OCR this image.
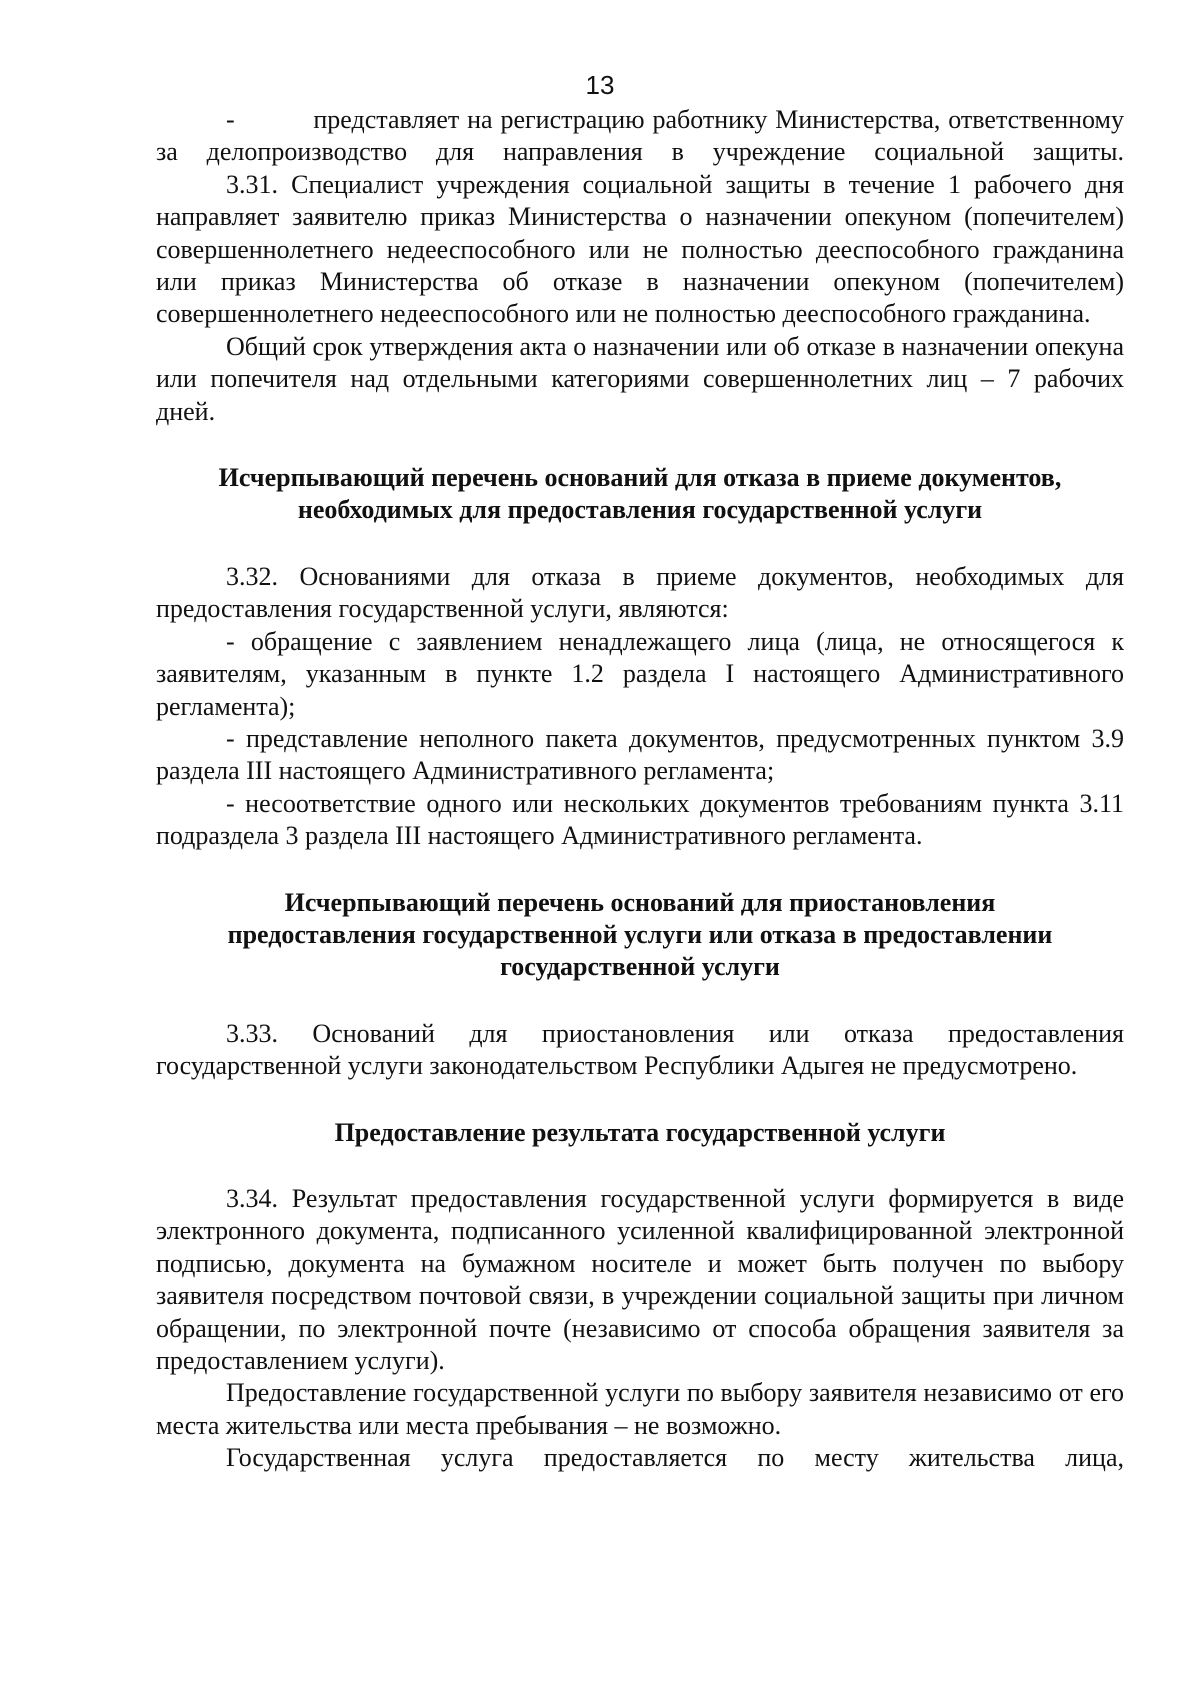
13

-          представляет на регистрацию работнику Министерства, ответственному за делопроизводство для направления в учреждение социальной защиты.

3.31. Специалист учреждения социальной защиты в течение 1 рабочего дня направляет заявителю приказ Министерства о назначении опекуном (попечителем) совершеннолетнего недееспособного или не полностью дееспособного гражданина или приказ Министерства об отказе в назначении опекуном (попечителем) совершеннолетнего недееспособного или не полностью дееспособного гражданина.

Общий срок утверждения акта о назначении или об отказе в назначении опекуна или попечителя над отдельными категориями совершеннолетних лиц – 7 рабочих дней.

Исчерпывающий перечень оснований для отказа в приеме документов,
необходимых для предоставления государственной услуги

3.32. Основаниями для отказа в приеме документов, необходимых для предоставления государственной услуги, являются:

- обращение с заявлением ненадлежащего лица (лица, не относящегося к заявителям, указанным в пункте 1.2 раздела I настоящего Административного регламента);

- представление неполного пакета документов, предусмотренных пунктом 3.9 раздела III настоящего Административного регламента;

- несоответствие одного или нескольких документов требованиям пункта 3.11 подраздела 3 раздела III настоящего Административного регламента.

Исчерпывающий перечень оснований для приостановления
предоставления государственной услуги или отказа в предоставлении
государственной услуги

3.33. Оснований для приостановления или отказа предоставления государственной услуги законодательством Республики Адыгея не предусмотрено.

Предоставление результата государственной услуги

3.34. Результат предоставления государственной услуги формируется в виде электронного документа, подписанного усиленной квалифицированной электронной подписью, документа на бумажном носителе и может быть получен по выбору заявителя посредством почтовой связи, в учреждении социальной защиты при личном обращении, по электронной почте (независимо от способа обращения заявителя за предоставлением услуги).

Предоставление государственной услуги по выбору заявителя независимо от его места жительства или места пребывания – не возможно.

Государственная услуга предоставляется по месту жительства лица,
